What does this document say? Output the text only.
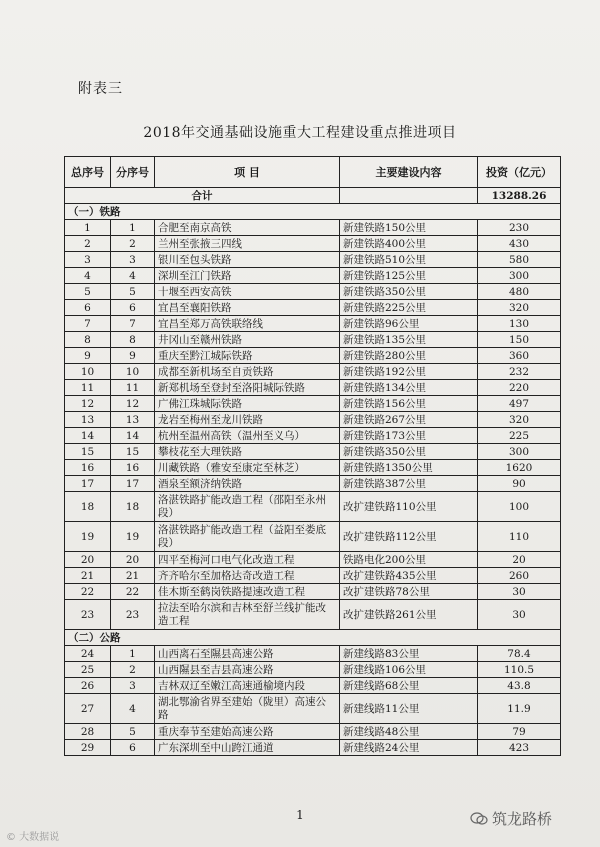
附表三
2018年交通基础设施重大工程建设重点推进项目
总序号	分序号	项 目	主要建设内容	投资（亿元）
合计				13288.26
（一）铁路				
1	1	合肥至南京高铁	新建铁路150公里	230
2	2	兰州至张掖三四线	新建铁路400公里	430
3	3	银川至包头铁路	新建铁路510公里	580
4	4	深圳至江门铁路	新建铁路125公里	300
5	5	十堰至西安高铁	新建铁路350公里	480
6	6	宜昌至襄阳铁路	新建铁路225公里	320
7	7	宜昌至郑万高铁联络线	新建铁路96公里	130
8	8	井冈山至赣州铁路	新建铁路135公里	150
9	9	重庆至黔江城际铁路	新建铁路280公里	360
10	10	成都至新机场至自贡铁路	新建铁路192公里	232
11	11	新郑机场至登封至洛阳城际铁路	新建铁路134公里	220
12	12	广佛江珠城际铁路	新建铁路156公里	497
13	13	龙岩至梅州至龙川铁路	新建铁路267公里	320
14	14	杭州至温州高铁（温州至义乌）	新建铁路173公里	225
15	15	攀枝花至大理铁路	新建铁路350公里	300
16	16	川藏铁路（雅安至康定至林芝）	新建铁路1350公里	1620
17	17	酒泉至额济纳铁路	新建铁路387公里	90
18	18	洛湛铁路扩能改造工程（邵阳至永州段）	改扩建铁路110公里	100
19	19	洛湛铁路扩能改造工程（益阳至娄底段）	改扩建铁路112公里	110
20	20	四平至梅河口电气化改造工程	铁路电化200公里	20
21	21	齐齐哈尔至加格达奇改造工程	改扩建铁路435公里	260
22	22	佳木斯至鹤岗铁路提速改造工程	改扩建铁路78公里	30
23	23	拉法至哈尔滨和吉林至舒兰线扩能改造工程	改扩建铁路261公里	30
（二）公路				
24	1	山西离石至隰县高速公路	新建线路83公里	78.4
25	2	山西隰县至吉县高速公路	新建线路106公里	110.5
26	3	吉林双辽至嫩江高速通榆境内段	新建线路68公里	43.8
27	4	湖北鄂渝省界至建始（陇里）高速公路	新建线路11公里	11.9
28	5	重庆奉节至建始高速公路	新建线路48公里	79
29	6	广东深圳至中山跨江通道	新建线路24公里	423
1
© 大数据说
筑龙路桥
